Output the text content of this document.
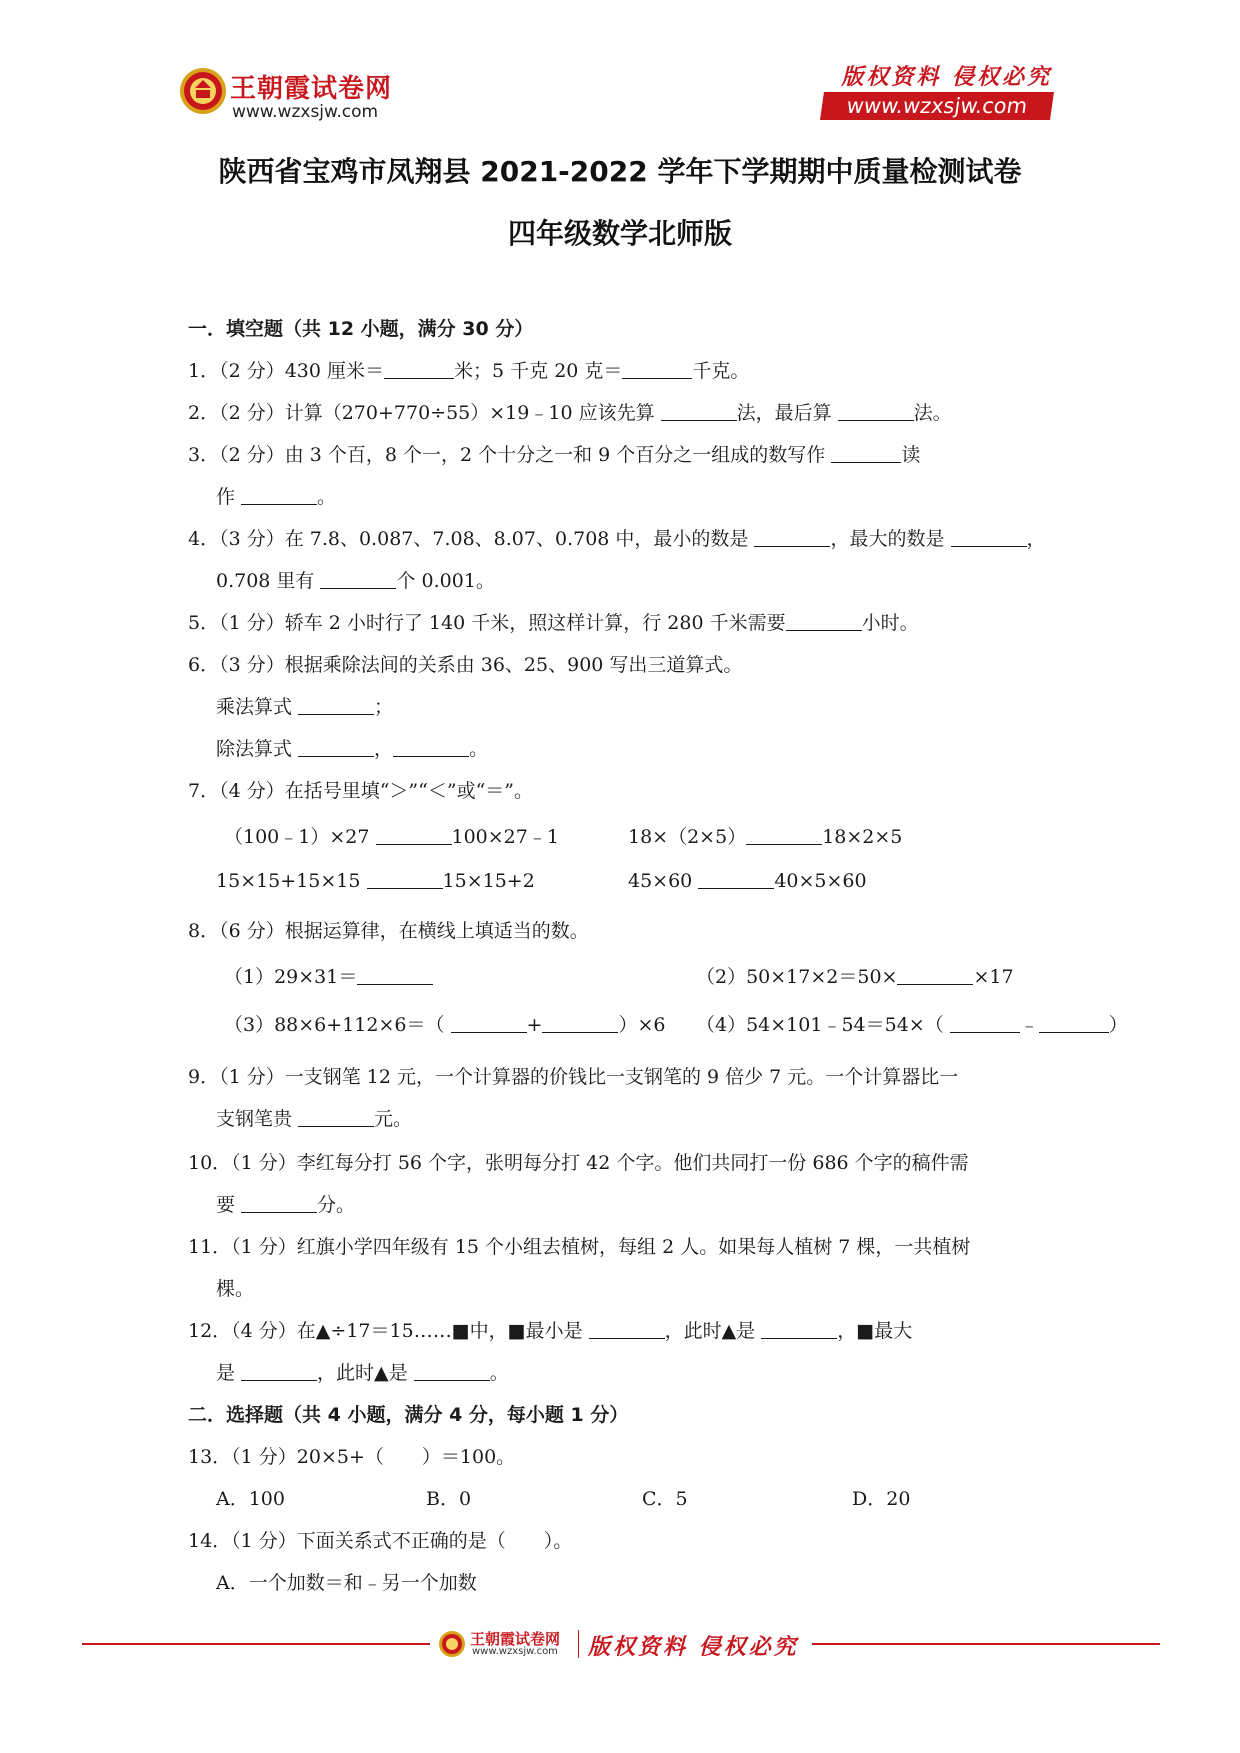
王朝霞试卷网
www.wzxsjw.com
版权资料 侵权必究
www.wzxsjw.com
陕西省宝鸡市凤翔县 2021-2022 学年下学期期中质量检测试卷
四年级数学北师版
一．填空题（共 12 小题，满分 30 分）
1．（2 分）430 厘米＝	米；5 千克 20 克＝	千克。
2．（2 分）计算（270+770÷55）×19﹣10 应该先算	法，最后算	法。
3．（2 分）由 3 个百，8 个一，2 个十分之一和 9 个百分之一组成的数写作	读
作	。
4．（3 分）在 7.8、0.087、7.08、8.07、0.708 中，最小的数是	，最大的数是	，
0.708 里有	个 0.001。
5．（1 分）轿车 2 小时行了 140 千米，照这样计算，行 280 千米需要	小时。
6．（3 分）根据乘除法间的关系由 36、25、900 写出三道算式。
乘法算式	；
除法算式	，	。
7．（4 分）在括号里填“＞”“＜”或“＝”。
（100﹣1）×27	100×27﹣1	18×（2×5）	18×2×5
15×15+15×15	15×15+2	45×60	40×5×60
8．（6 分）根据运算律，在横线上填适当的数。
（1）29×31＝	（2）50×17×2＝50×	×17
（3）88×6+112×6＝（	+	）×6 （4）54×101﹣54＝54×（	﹣	）
9．（1 分）一支钢笔 12 元，一个计算器的价钱比一支钢笔的 9 倍少 7 元。一个计算器比一
支钢笔贵	元。
10．（1 分）李红每分打 56 个字，张明每分打 42 个字。他们共同打一份 686 个字的稿件需
要	分。
11．（1 分）红旗小学四年级有 15 个小组去植树，每组 2 人。如果每人植树 7 棵，一共植树
棵。
12．（4 分）在▲÷17＝15……■中，■最小是	，此时▲是	，■最大
是	，此时▲是	。
二．选择题（共 4 小题，满分 4 分，每小题 1 分）
13．（1 分）20×5+（　　）＝100。
A．100	B．0	C．5	D．20
14．（1 分）下面关系式不正确的是（　　）。
A．一个加数＝和﹣另一个加数
王朝霞试卷网
www.wzxsjw.com 版权资料 侵权必究
